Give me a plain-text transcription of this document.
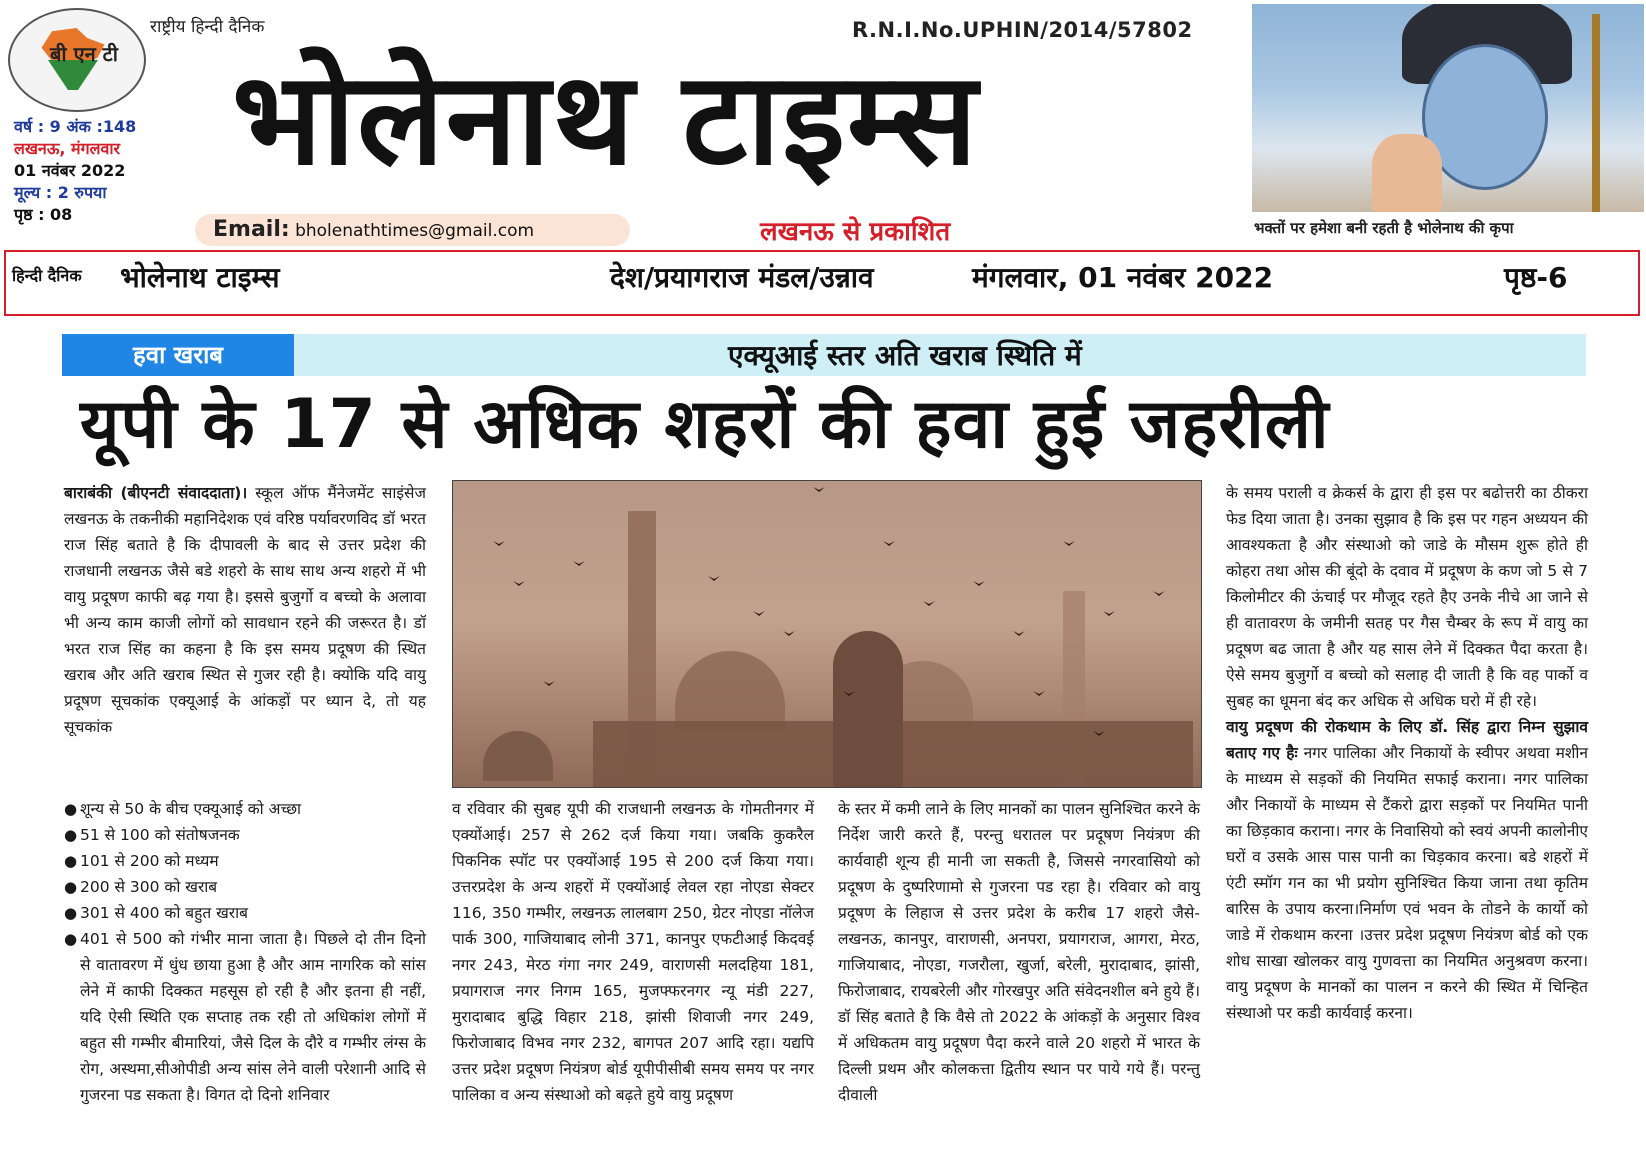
बी एन टी
राष्ट्रीय हिन्दी दैनिक	R.N.I.No.UPHIN/2014/57802
वर्ष : 9 अंक :148
लखनऊ, मंगलवार
01 नवंबर 2022
मूल्य : 2 रुपया
पृष्ठ : 08
भोलेनाथ टाइम्स
Email: bholenathtimes@gmail.com	लखनऊ से प्रकाशित	भक्तों पर हमेशा बनी रहती है भोलेनाथ की कृपा
हिन्दी दैनिक भोलेनाथ टाइम्स	देश/प्रयागराज मंडल/उन्नाव	मंगलवार, 01 नवंबर 2022	पृष्ठ-6
हवा खराब	एक्यूआई स्तर अति खराब स्थिति में
यूपी के 17 से अधिक शहरों की हवा हुई जहरीली

बाराबंकी (बीएनटी संवाददाता)। स्कूल ऑफ मैंनेजमेंट साइंसेज लखनऊ के तकनीकी महानिदेशक एवं वरिष्ठ पर्यावरणविद डॉ भरत राज सिंह बताते है कि दीपावली के बाद से उत्तर प्रदेश की राजधानी लखनऊ जैसे बडे शहरो के साथ साथ अन्य शहरो में भी वायु प्रदूषण काफी बढ़ गया है। इससे बुजुर्गो व बच्चो के अलावा भी अन्य काम काजी लोगों को सावधान रहने की जरूरत है। डॉ भरत राज सिंह का कहना है कि इस समय प्रदूषण की स्थित खराब और अति खराब स्थित से गुजर रही है। क्योकि यदि वायु प्रदूषण सूचकांक एक्यूआई के आंकड़ों पर ध्यान दे, तो यह सूचकांक

● शून्य से 50 के बीच एक्यूआई को अच्छा
● 51 से 100 को संतोषजनक
● 101 से 200 को मध्यम
● 200 से 300 को खराब
● 301 से 400 को बहुत खराब
● 401 से 500 को गंभीर माना जाता है। पिछले दो तीन दिनो से वातावरण में धुंध छाया हुआ है और आम नागरिक को सांस लेने में काफी दिक्कत महसूस हो रही है और इतना ही नहीं, यदि ऐसी स्थिति एक सप्ताह तक रही तो अधिकांश लोगों में बहुत सी गम्भीर बीमारियां, जैसे दिल के दौरे व गम्भीर लंग्स के रोग, अस्थमा,सीओपीडी अन्य सांस लेने वाली परेशानी आदि से गुजरना पड सकता है। विगत दो दिनो शनिवार

व रविवार की सुबह यूपी की राजधानी लखनऊ के गोमतीनगर में एक्योंआई। 257 से 262 दर्ज किया गया। जबकि कुकरैल पिकनिक स्पॉट पर एक्योंआई 195 से 200 दर्ज किया गया। उत्तरप्रदेश के अन्य शहरों में एक्योंआई लेवल रहा नोएडा सेक्टर 116, 350 गम्भीर, लखनऊ लालबाग 250, ग्रेटर नोएडा नॉलेज पार्क 300, गाजियाबाद लोनी 371, कानपुर एफटीआई किदवई नगर 243, मेरठ गंगा नगर 249, वाराणसी मलदहिया 181, प्रयागराज नगर निगम 165, मुजफ्फरनगर न्यू मंडी 227, मुरादाबाद बुद्धि विहार 218, झांसी शिवाजी नगर 249, फिरोजाबाद विभव नगर 232, बागपत 207 आदि रहा। यद्यपि उत्तर प्रदेश प्रदूषण नियंत्रण बोर्ड यूपीपीसीबी समय समय पर नगर पालिका व अन्य संस्थाओ को बढ़ते हुये वायु प्रदूषण

के स्तर में कमी लाने के लिए मानकों का पालन सुनिश्चित करने के निर्देश जारी करते हैं, परन्तु धरातल पर प्रदूषण नियंत्रण की कार्यवाही शून्य ही मानी जा सकती है, जिससे नगरवासियो को प्रदूषण के दुष्परिणामो से गुजरना पड रहा है। रविवार को वायु प्रदूषण के लिहाज से उत्तर प्रदेश के करीब 17 शहरो जैसे- लखनऊ, कानपुर, वाराणसी, अनपरा, प्रयागराज, आगरा, मेरठ, गाजियाबाद, नोएडा, गजरौला, खुर्जा, बरेली, मुरादाबाद, झांसी, फिरोजाबाद, रायबरेली और गोरखपुर अति संवेदनशील बने हुये हैं। डॉ सिंह बताते है कि वैसे तो 2022 के आंकड़ों के अनुसार विश्व में अधिकतम वायु प्रदूषण पैदा करने वाले 20 शहरो में भारत के दिल्ली प्रथम और कोलकत्ता द्वितीय स्थान पर पाये गये हैं। परन्तु दीवाली

के समय पराली व क्रेकर्स के द्वारा ही इस पर बढोत्तरी का ठीकरा फेड दिया जाता है। उनका सुझाव है कि इस पर गहन अध्ययन की आवश्यकता है और संस्थाओ को जाडे के मौसम शुरू होते ही कोहरा तथा ओस की बूंदो के दवाव में प्रदूषण के कण जो 5 से 7 किलोमीटर की ऊंचाई पर मौजूद रहते हैए उनके नीचे आ जाने से ही वातावरण के जमीनी सतह पर गैस चैम्बर के रूप में वायु का प्रदूषण बढ जाता है और यह सास लेने में दिक्कत पैदा करता है। ऐसे समय बुजुर्गो व बच्चो को सलाह दी जाती है कि वह पार्को व सुबह का धूमना बंद कर अधिक से अधिक घरो में ही रहे।

वायु प्रदूषण की रोकथाम के लिए डॉ. सिंह द्वारा निम्न सुझाव बताए गए हैः नगर पालिका और निकायों के स्वीपर अथवा मशीन के माध्यम से सड़कों की नियमित सफाई कराना। नगर पालिका और निकायों के माध्यम से टैंकरो द्वारा सड़कों पर नियमित पानी का छिड़काव कराना। नगर के निवासियो को स्वयं अपनी कालोनीए घरों व उसके आस पास पानी का चिड़काव करना। बडे शहरों में एंटी स्मॉग गन का भी प्रयोग सुनिश्चित किया जाना तथा कृतिम बारिस के उपाय करना।निर्माण एवं भवन के तोडने के कार्यो को जाडे में रोकथाम करना ।उत्तर प्रदेश प्रदूषण नियंत्रण बोर्ड को एक शोध साखा खोलकर वायु गुणवत्ता का नियमित अनुश्रवण करना।वायु प्रदूषण के मानकों का पालन न करने की स्थित में चिन्हित संस्थाओ पर कडी कार्यवाई करना।
